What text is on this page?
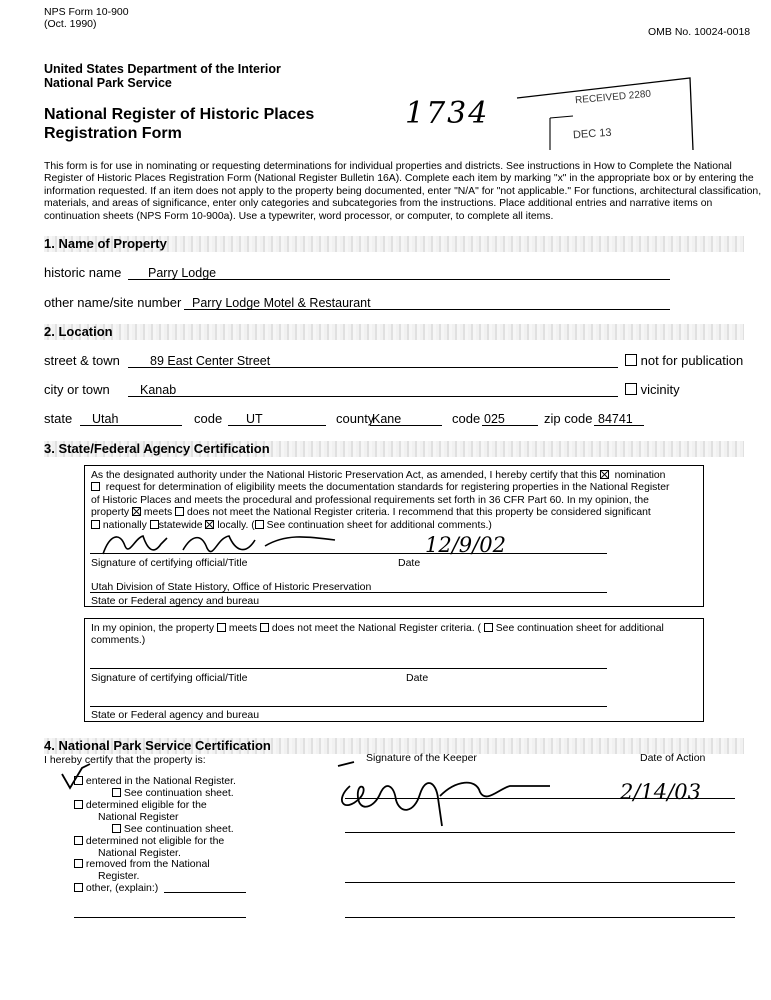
NPS Form 10-900
(Oct. 1990)
OMB No. 10024-0018
United States Department of the Interior
National Park Service
National Register of Historic Places
Registration Form
1734	RECEIVED 2280
DEC 13
This form is for use in nominating or requesting determinations for individual properties and districts. See instructions in How to Complete the National
Register of Historic Places Registration Form (National Register Bulletin 16A). Complete each item by marking "x" in the appropriate box or by entering the
information requested. If an item does not apply to the property being documented, enter "N/A" for "not applicable." For functions, architectural classification,
materials, and areas of significance, enter only categories and subcategories from the instructions. Place additional entries and narrative items on
continuation sheets (NPS Form 10-900a). Use a typewriter, word processor, or computer, to complete all items.
1. Name of Property
historic name Parry Lodge
other name/site number Parry Lodge Motel & Restaurant
2. Location
street & town 89 East Center Street	not for publication
city or town Kanab	vicinity
state Utah	code UT	county
Kane	code 025	zip code 84741
3. State/Federal Agency Certification
As the designated authority under the National Historic Preservation Act, as amended, I hereby certify that this nomination
request for determination of eligibility meets the documentation standards for registering properties in the National Register
of Historic Places and meets the procedural and professional requirements set forth in 36 CFR Part 60. In my opinion, the
property meets does not meet the National Register criteria. I recommend that this property be considered significant
nationally statewide locally. ( See continuation sheet for additional comments.)
12/9/02
Signature of certifying official/Title	Date
Utah Division of State History, Office of Historic Preservation
State or Federal agency and bureau
In my opinion, the property meets does not meet the National Register criteria. ( See continuation sheet for additional
comments.)
Signature of certifying official/Title	Date
State or Federal agency and bureau
4. National Park Service Certification
I hereby certify that the property is:	Signature of the Keeper	Date of Action
2/14/03
entered in the National Register.
See continuation sheet.
determined eligible for the
National Register
See continuation sheet.
determined not eligible for the
National Register.
removed from the National
Register.
other, (explain:)
